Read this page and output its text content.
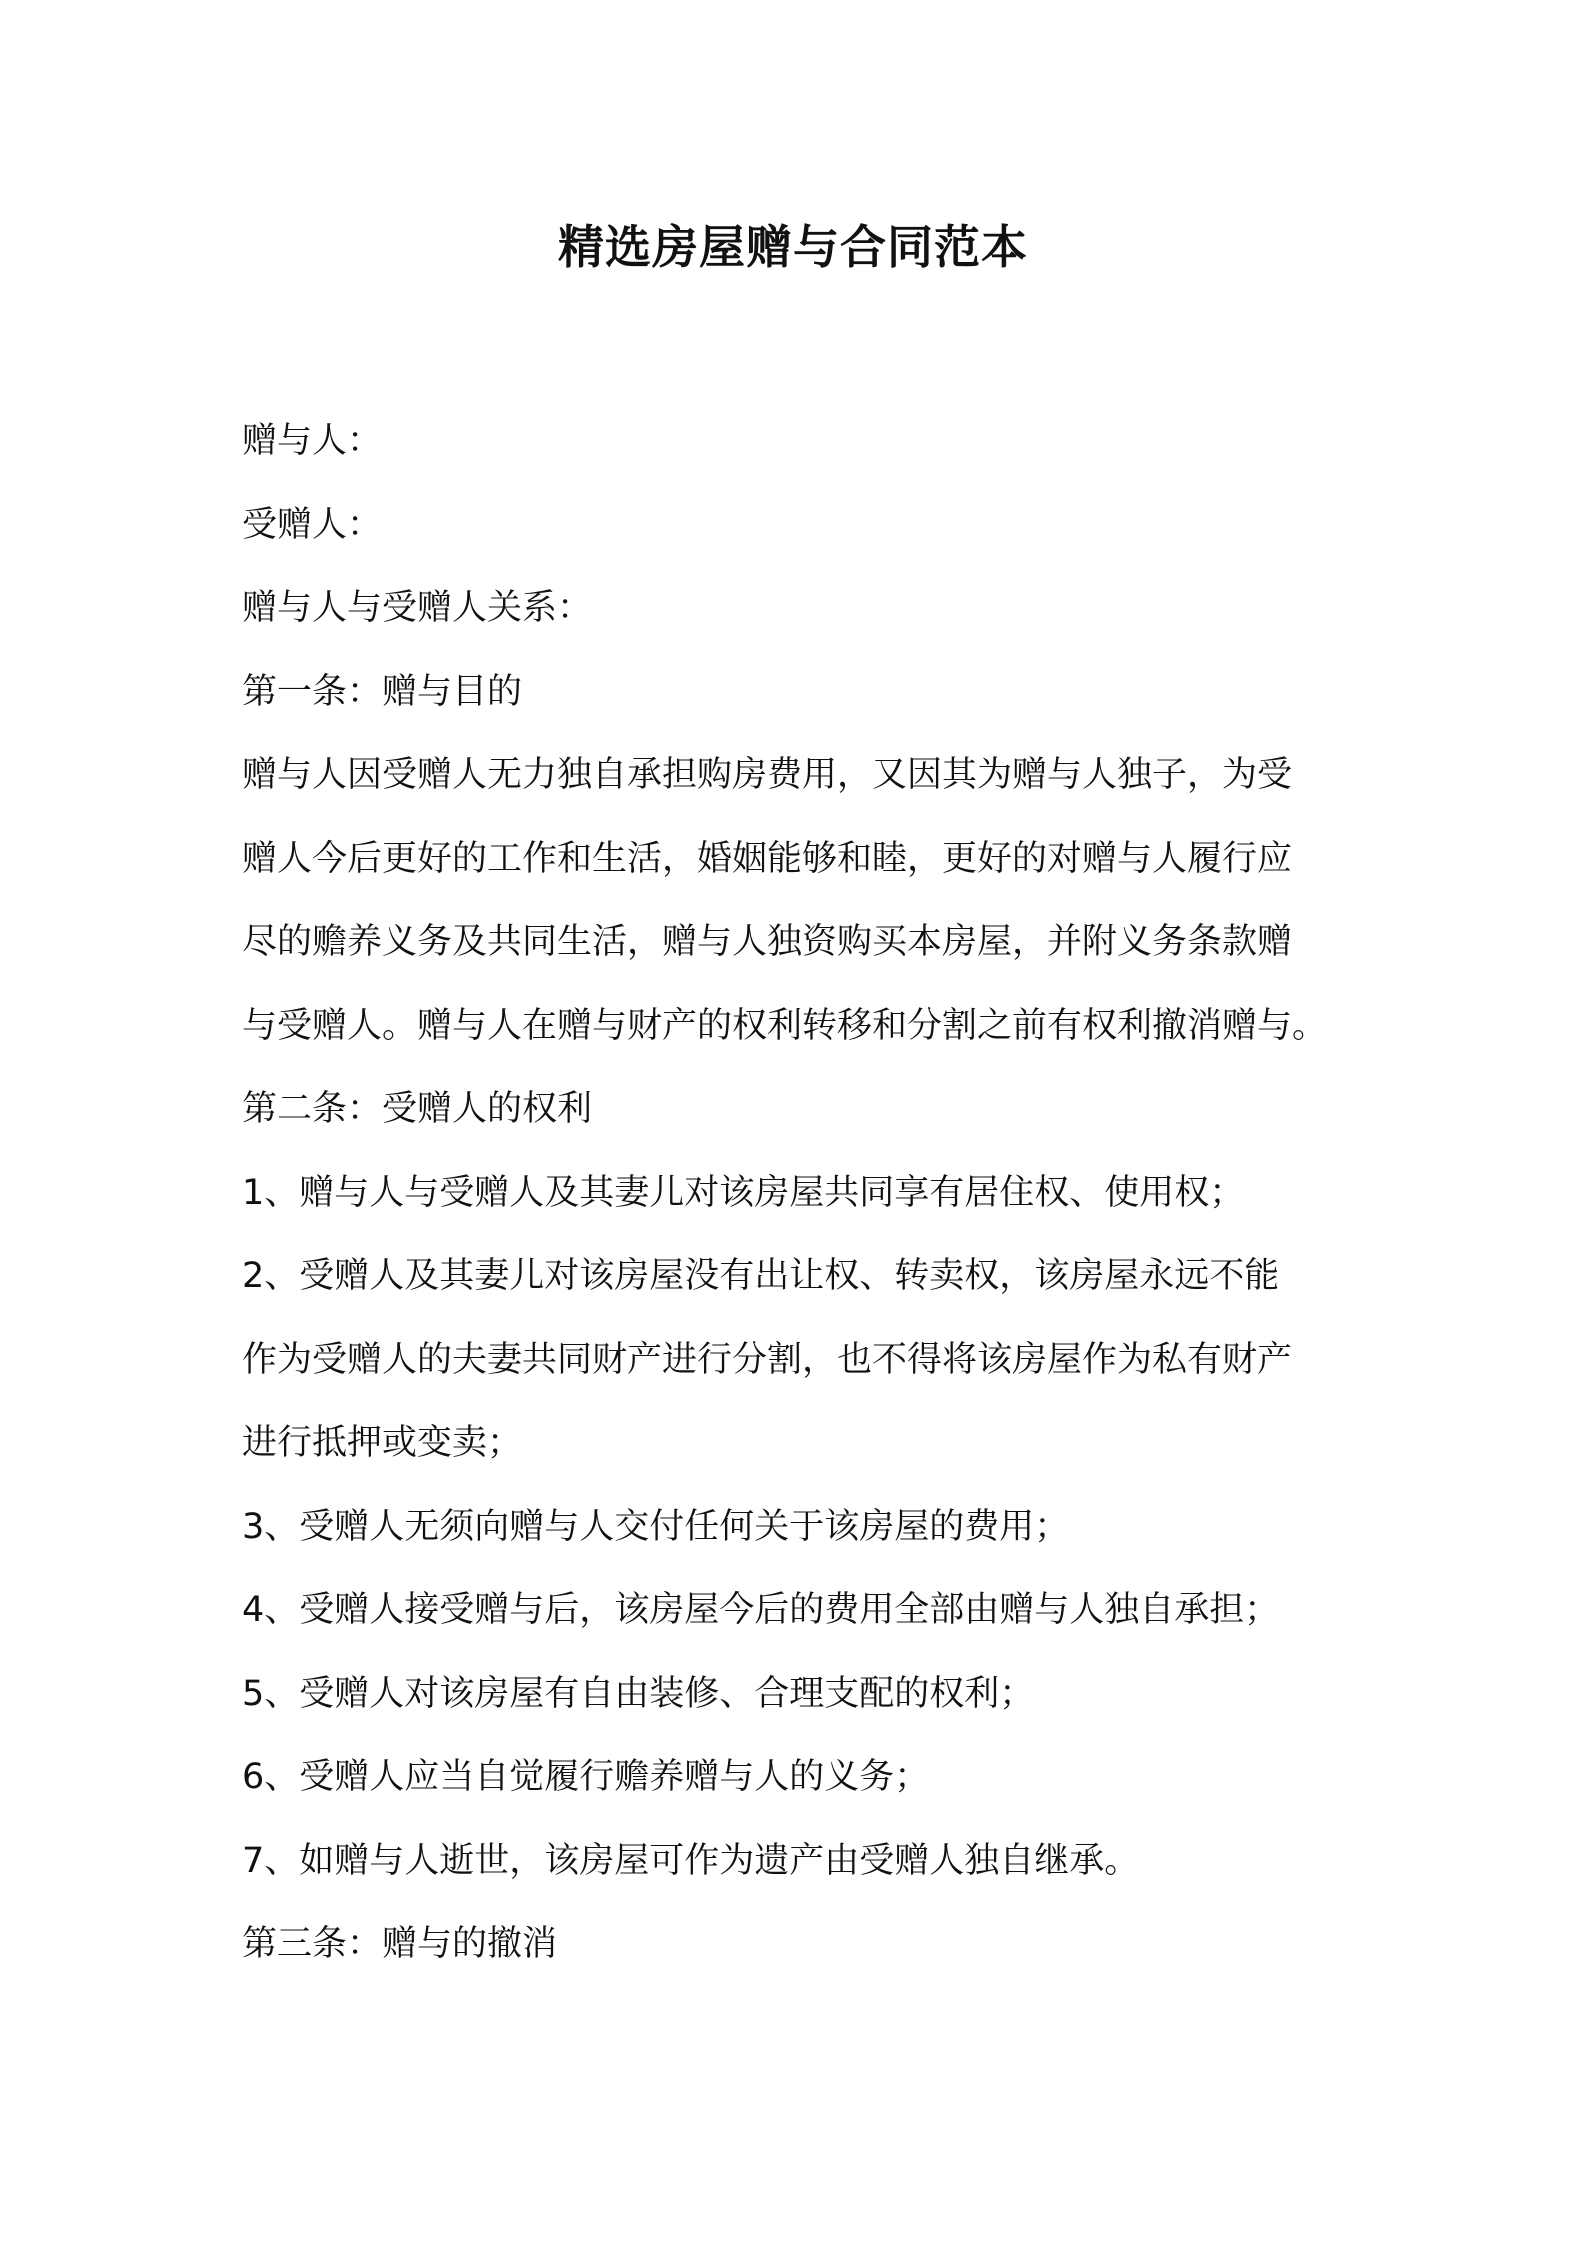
精选房屋赠与合同范本

赠与人：

受赠人：

赠与人与受赠人关系：

第一条：赠与目的

赠与人因受赠人无力独自承担购房费用，又因其为赠与人独子，为受

赠人今后更好的工作和生活，婚姻能够和睦，更好的对赠与人履行应

尽的赡养义务及共同生活，赠与人独资购买本房屋，并附义务条款赠

与受赠人。赠与人在赠与财产的权利转移和分割之前有权利撤消赠与。

第二条：受赠人的权利

1、赠与人与受赠人及其妻儿对该房屋共同享有居住权、使用权；

2、受赠人及其妻儿对该房屋没有出让权、转卖权，该房屋永远不能

作为受赠人的夫妻共同财产进行分割，也不得将该房屋作为私有财产

进行抵押或变卖；

3、受赠人无须向赠与人交付任何关于该房屋的费用；

4、受赠人接受赠与后，该房屋今后的费用全部由赠与人独自承担；

5、受赠人对该房屋有自由装修、合理支配的权利；

6、受赠人应当自觉履行赡养赠与人的义务；

7、如赠与人逝世，该房屋可作为遗产由受赠人独自继承。

第三条：赠与的撤消
